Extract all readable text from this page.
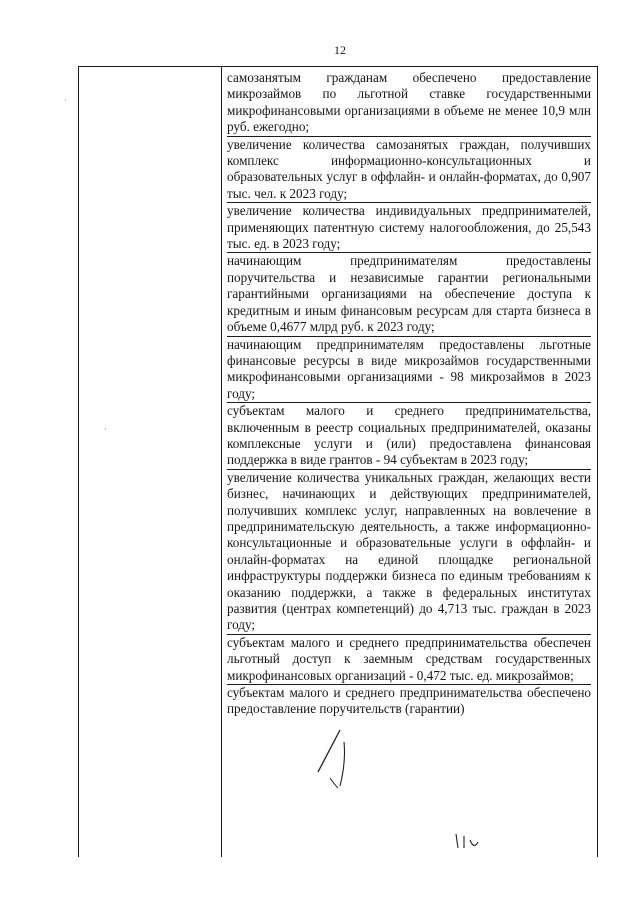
12

самозанятым гражданам обеспечено предоставление микрозаймов по льготной ставке государственными микрофинансовыми организациями в объеме не менее 10,9 млн руб. ежегодно;

увеличение количества самозанятых граждан, получивших комплекс информационно-консультационных и образовательных услуг в оффлайн- и онлайн-форматах, до 0,907 тыс. чел. к 2023 году;

увеличение количества индивидуальных предпринимателей, применяющих патентную систему налогообложения, до 25,543 тыс. ед. в 2023 году;

начинающим предпринимателям предоставлены поручительства и независимые гарантии региональными гарантийными организациями на обеспечение доступа к кредитным и иным финансовым ресурсам для старта бизнеса в объеме 0,4677 млрд руб. к 2023 году;

начинающим предпринимателям предоставлены льготные финансовые ресурсы в виде микрозаймов государственными микрофинансовыми организациями - 98 микрозаймов в 2023 году;

субъектам малого и среднего предпринимательства, включенным в реестр социальных предпринимателей, оказаны комплексные услуги и (или) предоставлена финансовая поддержка в виде грантов - 94 субъектам в 2023 году;

увеличение количества уникальных граждан, желающих вести бизнес, начинающих и действующих предпринимателей, получивших комплекс услуг, направленных на вовлечение в предпринимательскую деятельность, а также информационно-консультационные и образовательные услуги в оффлайн- и онлайн-форматах на единой площадке региональной инфраструктуры поддержки бизнеса по единым требованиям к оказанию поддержки, а также в федеральных институтах развития (центрах компетенций) до 4,713 тыс. граждан в 2023 году;

субъектам малого и среднего предпринимательства обеспечен льготный доступ к заемным средствам государственных микрофинансовых организаций - 0,472 тыс. ед. микрозаймов;

субъектам малого и среднего предпринимательства обеспечено предоставление поручительств (гарантии)

·
·
